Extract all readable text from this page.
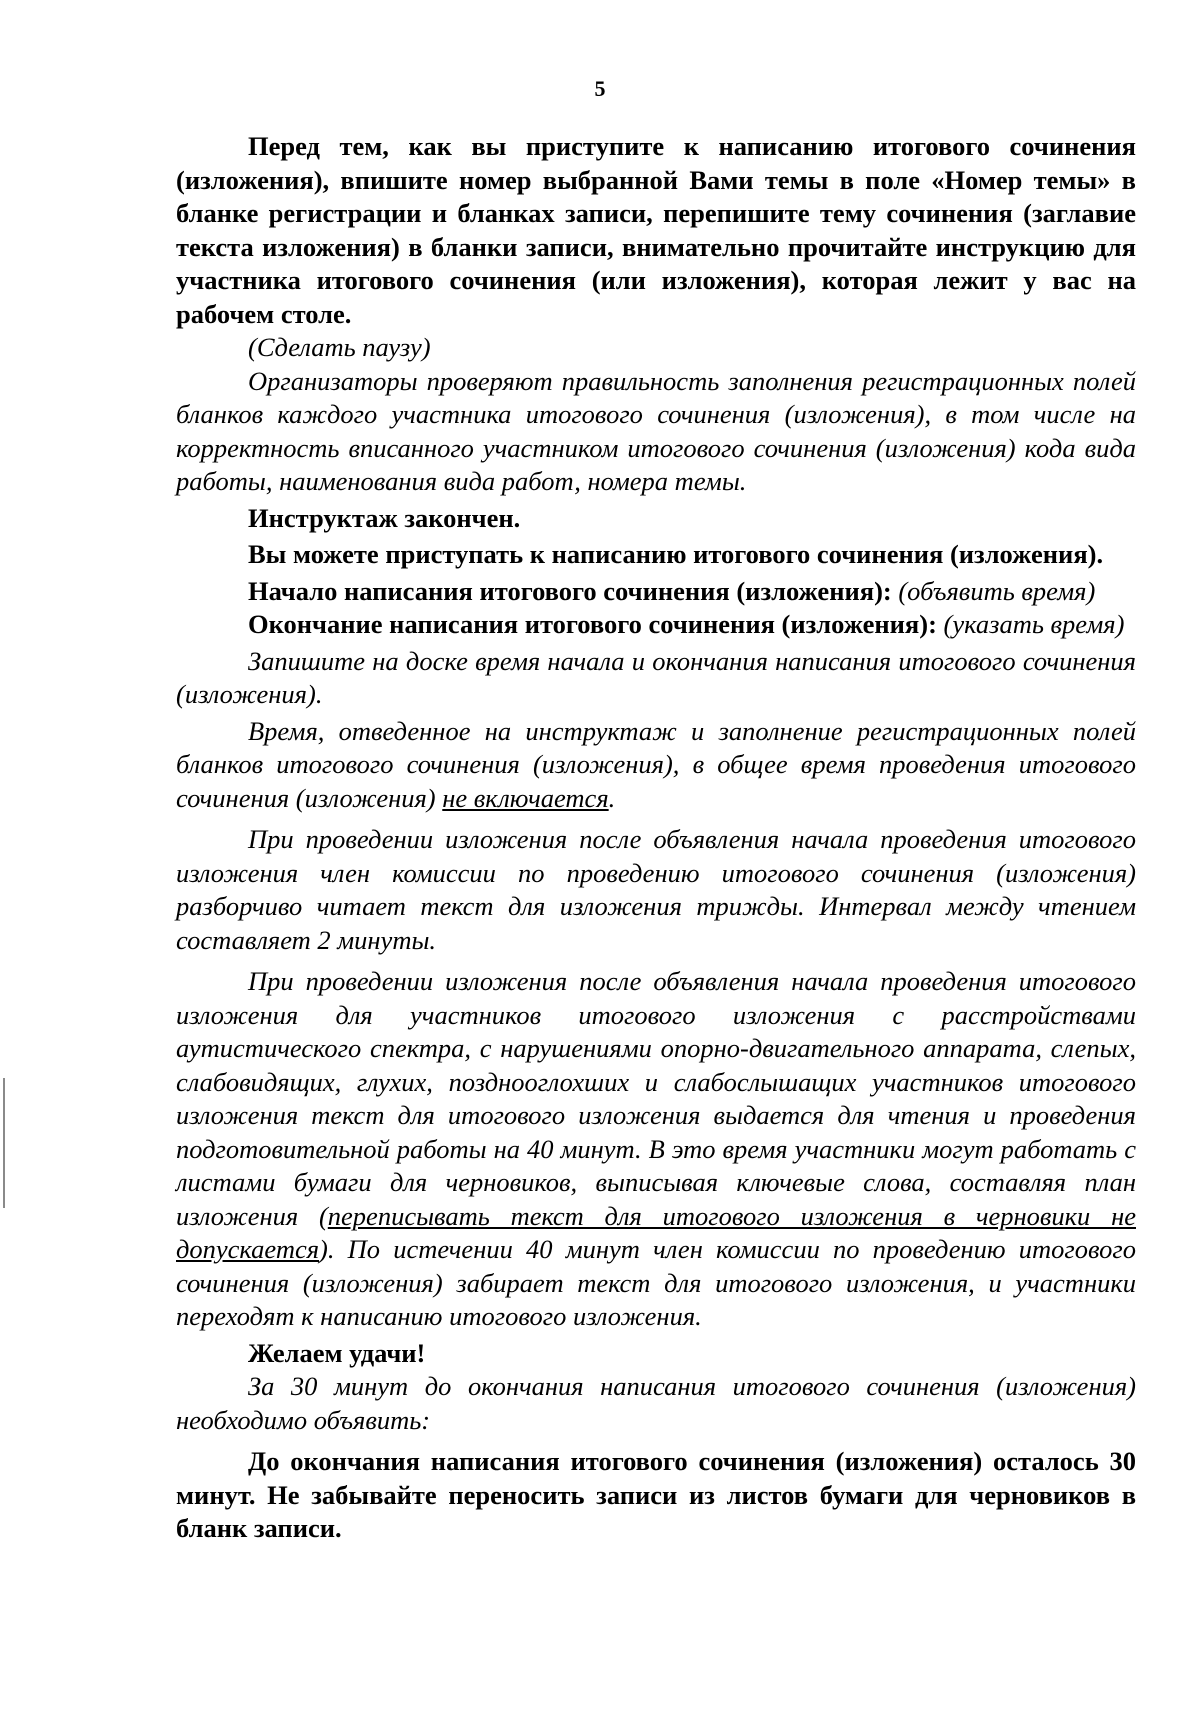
5

Перед тем, как вы приступите к написанию итогового сочинения (изложения), впишите номер выбранной Вами темы в поле «Номер темы» в бланке регистрации и бланках записи, перепишите тему сочинения (заглавие текста изложения) в бланки записи, внимательно прочитайте инструкцию для участника итогового сочинения (или изложения), которая лежит у вас на рабочем столе.

(Сделать паузу)

Организаторы проверяют правильность заполнения регистрационных полей бланков каждого участника итогового сочинения (изложения), в том числе на корректность вписанного участником итогового сочинения (изложения) кода вида работы, наименования вида работ, номера темы.

Инструктаж закончен.

Вы можете приступать к написанию итогового сочинения (изложения).

Начало написания итогового сочинения (изложения): (объявить время)

Окончание написания итогового сочинения (изложения): (указать время)

Запишите на доске время начала и окончания написания итогового сочинения (изложения).

Время, отведенное на инструктаж и заполнение регистрационных полей бланков итогового сочинения (изложения), в общее время проведения итогового сочинения (изложения) не включается.

При проведении изложения после объявления начала проведения итогового изложения член комиссии по проведению итогового сочинения (изложения) разборчиво читает текст для изложения трижды. Интервал между чтением составляет 2 минуты.

При проведении изложения после объявления начала проведения итогового изложения для участников итогового изложения с расстройствами аутистического спектра, с нарушениями опорно-двигательного аппарата, слепых, слабовидящих, глухих, позднооглохших и слабослышащих участников итогового изложения текст для итогового изложения выдается для чтения и проведения подготовительной работы на 40 минут. В это время участники могут работать с листами бумаги для черновиков, выписывая ключевые слова, составляя план изложения (переписывать текст для итогового изложения в черновики не допускается). По истечении 40 минут член комиссии по проведению итогового сочинения (изложения) забирает текст для итогового изложения, и участники переходят к написанию итогового изложения.

Желаем удачи!

За 30 минут до окончания написания итогового сочинения (изложения) необходимо объявить:

До окончания написания итогового сочинения (изложения) осталось 30 минут. Не забывайте переносить записи из листов бумаги для черновиков в бланк записи.
